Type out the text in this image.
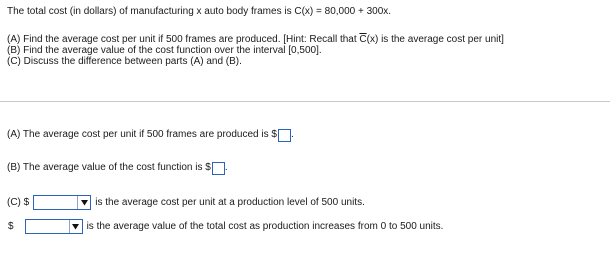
The total cost (in dollars) of manufacturing x auto body frames is C(x) = 80,000 + 300x.
(A) Find the average cost per unit if 500 frames are produced. [Hint: Recall that $\overline{C}(x)$ is the average cost per unit]
(B) Find the average value of the cost function over the interval [0,500].
(C) Discuss the difference between parts (A) and (B).
(A) The average cost per unit if 500 frames are produced is $ .
(B) The average value of the cost function is $ .
(C) $	is the average cost per unit at a production level of 500 units.
$	is the average value of the total cost as production increases from 0 to 500 units.
